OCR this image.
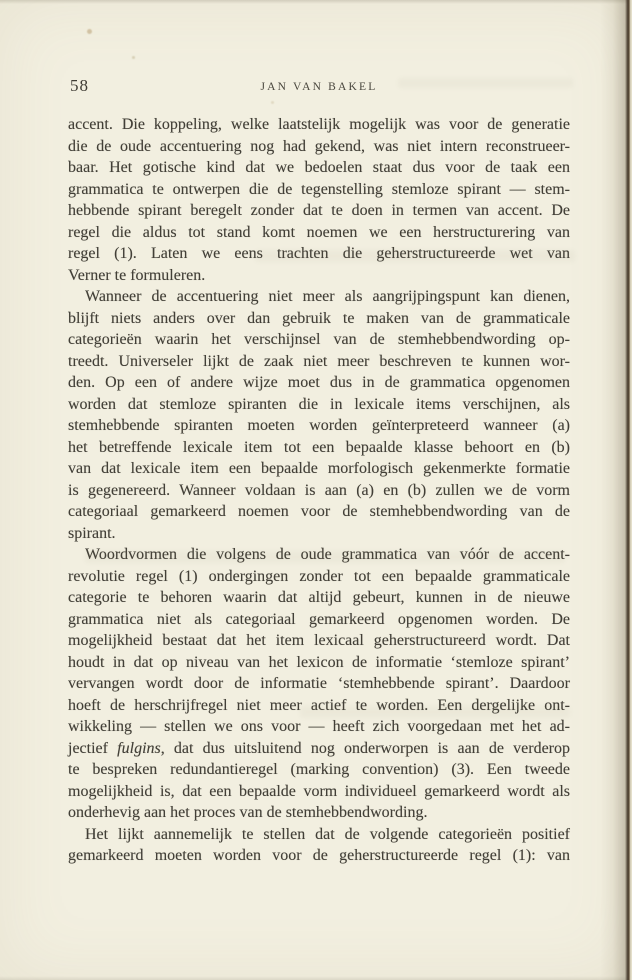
58	JAN VAN BAKEL
accent. Die koppeling, welke laatstelijk mogelijk was voor de generatie
die de oude accentuering nog had gekend, was niet intern reconstrueer-
baar. Het gotische kind dat we bedoelen staat dus voor de taak een
grammatica te ontwerpen die de tegenstelling stemloze spirant — stem-
hebbende spirant beregelt zonder dat te doen in termen van accent. De
regel die aldus tot stand komt noemen we een herstructurering van
regel (1). Laten we eens trachten die geherstructureerde wet van
Verner te formuleren.
Wanneer de accentuering niet meer als aangrijpingspunt kan dienen,
blijft niets anders over dan gebruik te maken van de grammaticale
categorieën waarin het verschijnsel van de stemhebbendwording op-
treedt. Universeler lijkt de zaak niet meer beschreven te kunnen wor-
den. Op een of andere wijze moet dus in de grammatica opgenomen
worden dat stemloze spiranten die in lexicale items verschijnen, als
stemhebbende spiranten moeten worden geïnterpreteerd wanneer (a)
het betreffende lexicale item tot een bepaalde klasse behoort en (b)
van dat lexicale item een bepaalde morfologisch gekenmerkte formatie
is gegenereerd. Wanneer voldaan is aan (a) en (b) zullen we de vorm
categoriaal gemarkeerd noemen voor de stemhebbendwording van de
spirant.
Woordvormen die volgens de oude grammatica van vóór de accent-
revolutie regel (1) ondergingen zonder tot een bepaalde grammaticale
categorie te behoren waarin dat altijd gebeurt, kunnen in de nieuwe
grammatica niet als categoriaal gemarkeerd opgenomen worden. De
mogelijkheid bestaat dat het item lexicaal geherstructureerd wordt. Dat
houdt in dat op niveau van het lexicon de informatie ‘stemloze spirant’
vervangen wordt door de informatie ‘stemhebbende spirant’. Daardoor
hoeft de herschrijfregel niet meer actief te worden. Een dergelijke ont-
wikkeling — stellen we ons voor — heeft zich voorgedaan met het ad-
jectief fulgins, dat dus uitsluitend nog onderworpen is aan de verderop
te bespreken redundantieregel (marking convention) (3). Een tweede
mogelijkheid is, dat een bepaalde vorm individueel gemarkeerd wordt als
onderhevig aan het proces van de stemhebbendwording.
Het lijkt aannemelijk te stellen dat de volgende categorieën positief
gemarkeerd moeten worden voor de geherstructureerde regel (1): van
